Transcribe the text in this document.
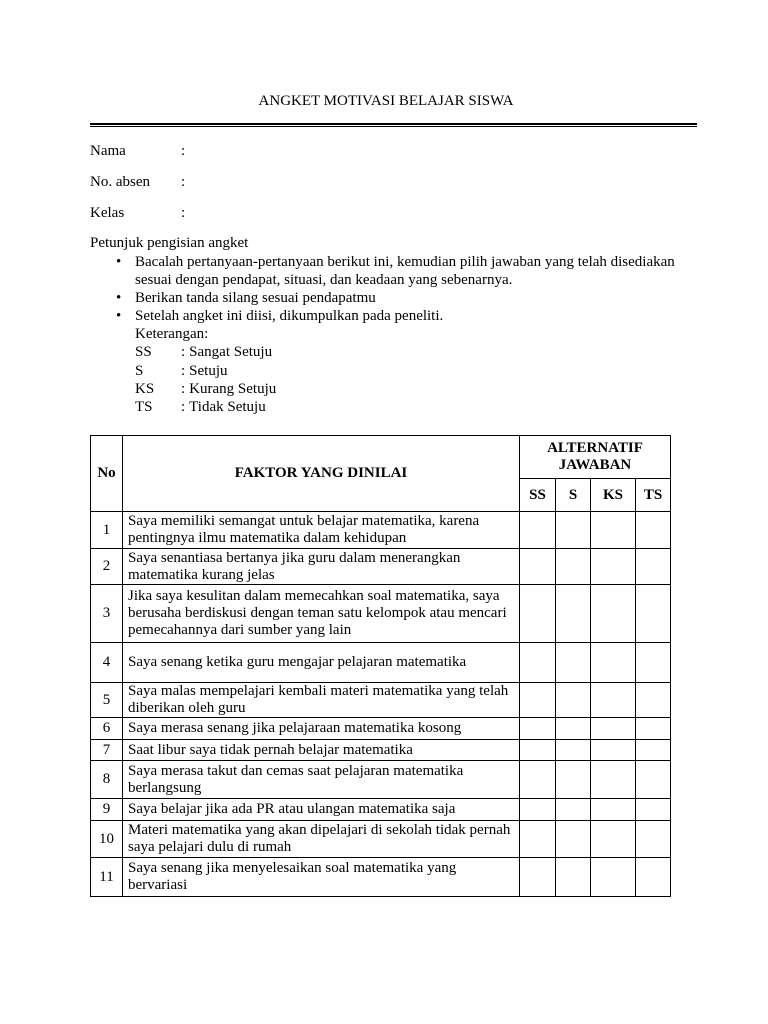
ANGKET MOTIVASI BELAJAR SISWA
Nama	:
No. absen	:
Kelas	:
Petunjuk pengisian angket
• Bacalah pertanyaan-pertanyaan berikut ini, kemudian pilih jawaban yang telah disediakan sesuai dengan pendapat, situasi, dan keadaan yang sebenarnya.
• Berikan tanda silang sesuai pendapatmu
• Setelah angket ini diisi, dikumpulkan pada peneliti.
Keterangan:
SS	: Sangat Setuju
S	: Setuju
KS	: Kurang Setuju
TS	: Tidak Setuju
No	FAKTOR YANG DINILAI	ALTERNATIF JAWABAN			

		SS	S	KS	TS
1	Saya memiliki semangat untuk belajar matematika, karena pentingnya ilmu matematika dalam kehidupan				

2	Saya senantiasa bertanya jika guru dalam menerangkan matematika kurang jelas				

3	Jika saya kesulitan dalam memecahkan soal matematika, saya berusaha berdiskusi dengan teman satu kelompok atau mencari pemecahannya dari sumber yang lain				

4	Saya senang ketika guru mengajar pelajaran matematika				

5	Saya malas mempelajari kembali materi matematika yang telah diberikan oleh guru				

6	Saya merasa senang jika pelajaraan matematika kosong				

7	Saat libur saya tidak pernah belajar matematika				

8	Saya merasa takut dan cemas saat pelajaran matematika berlangsung				

9	Saya belajar jika ada PR atau ulangan matematika saja				

10	Materi matematika yang akan dipelajari di sekolah tidak pernah saya pelajari dulu di rumah				

11	Saya senang jika menyelesaikan soal matematika yang bervariasi				
